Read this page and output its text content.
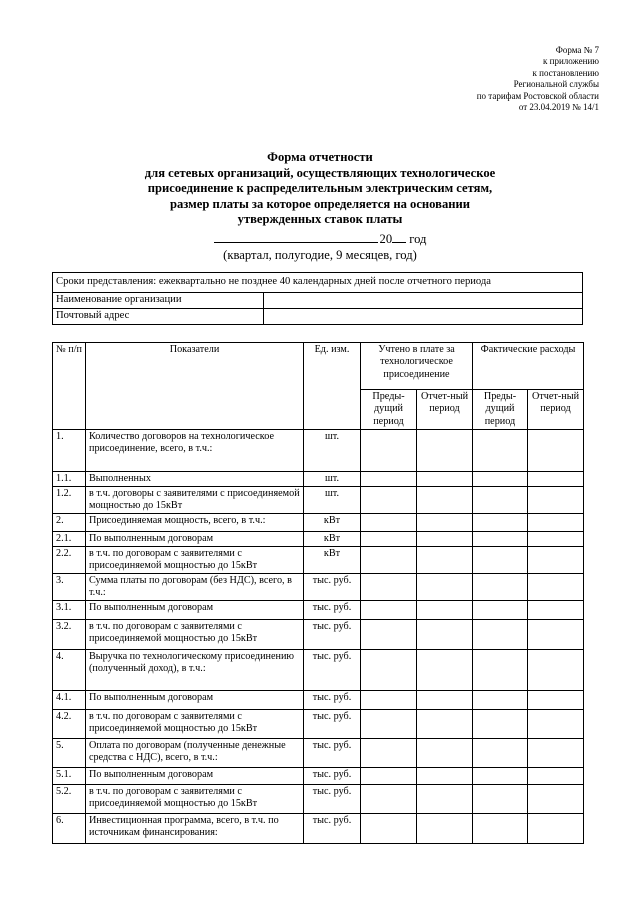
Форма № 7
к приложению
к постановлению
Региональной службы
по тарифам Ростовской области
от 23.04.2019 № 14/1
Форма отчетности
для сетевых организаций, осуществляющих технологическое
присоединение к распределительным электрическим сетям,
размер платы за которое определяется на основании
утвержденных ставок платы
20 год
(квартал, полугодие, 9 месяцев, год)
Сроки представления: ежеквартально не позднее 40 календарных дней после отчетного периода	
Наименование организации	
Почтовый адрес	
№ п/п	Показатели	Ед. изм.	Учтено в плате за технологическое присоединение		Фактические расходы	
			Преды-дущий период	Отчет-ный период	Преды-дущий период	Отчет-ный период
1.	Количество договоров на технологическое присоединение, всего, в т.ч.:	шт.				
1.1.	Выполненных	шт.				
1.2.	в т.ч. договоры с заявителями с присоединяемой мощностью до 15кВт	шт.				
2.	Присоединяемая мощность, всего, в т.ч.:	кВт				
2.1.	По выполненным договорам	кВт				
2.2.	в т.ч. по договорам с заявителями с присоединяемой мощностью до 15кВт	кВт				
3.	Сумма платы по договорам (без НДС), всего, в т.ч.:	тыс. руб.				
3.1.	По выполненным договорам	тыс. руб.				
3.2.	в т.ч. по договорам с заявителями с присоединяемой мощностью до 15кВт	тыс. руб.				
4.	Выручка по технологическому присоединению (полученный доход), в т.ч.:	тыс. руб.				
4.1.	По выполненным договорам	тыс. руб.				
4.2.	в т.ч. по договорам с заявителями с присоединяемой мощностью до 15кВт	тыс. руб.				
5.	Оплата по договорам (полученные денежные средства с НДС), всего, в т.ч.:	тыс. руб.				
5.1.	По выполненным договорам	тыс. руб.				
5.2.	в т.ч. по договорам с заявителями с присоединяемой мощностью до 15кВт	тыс. руб.				
6.	Инвестиционная программа, всего, в т.ч. по источникам финансирования:	тыс. руб.				
